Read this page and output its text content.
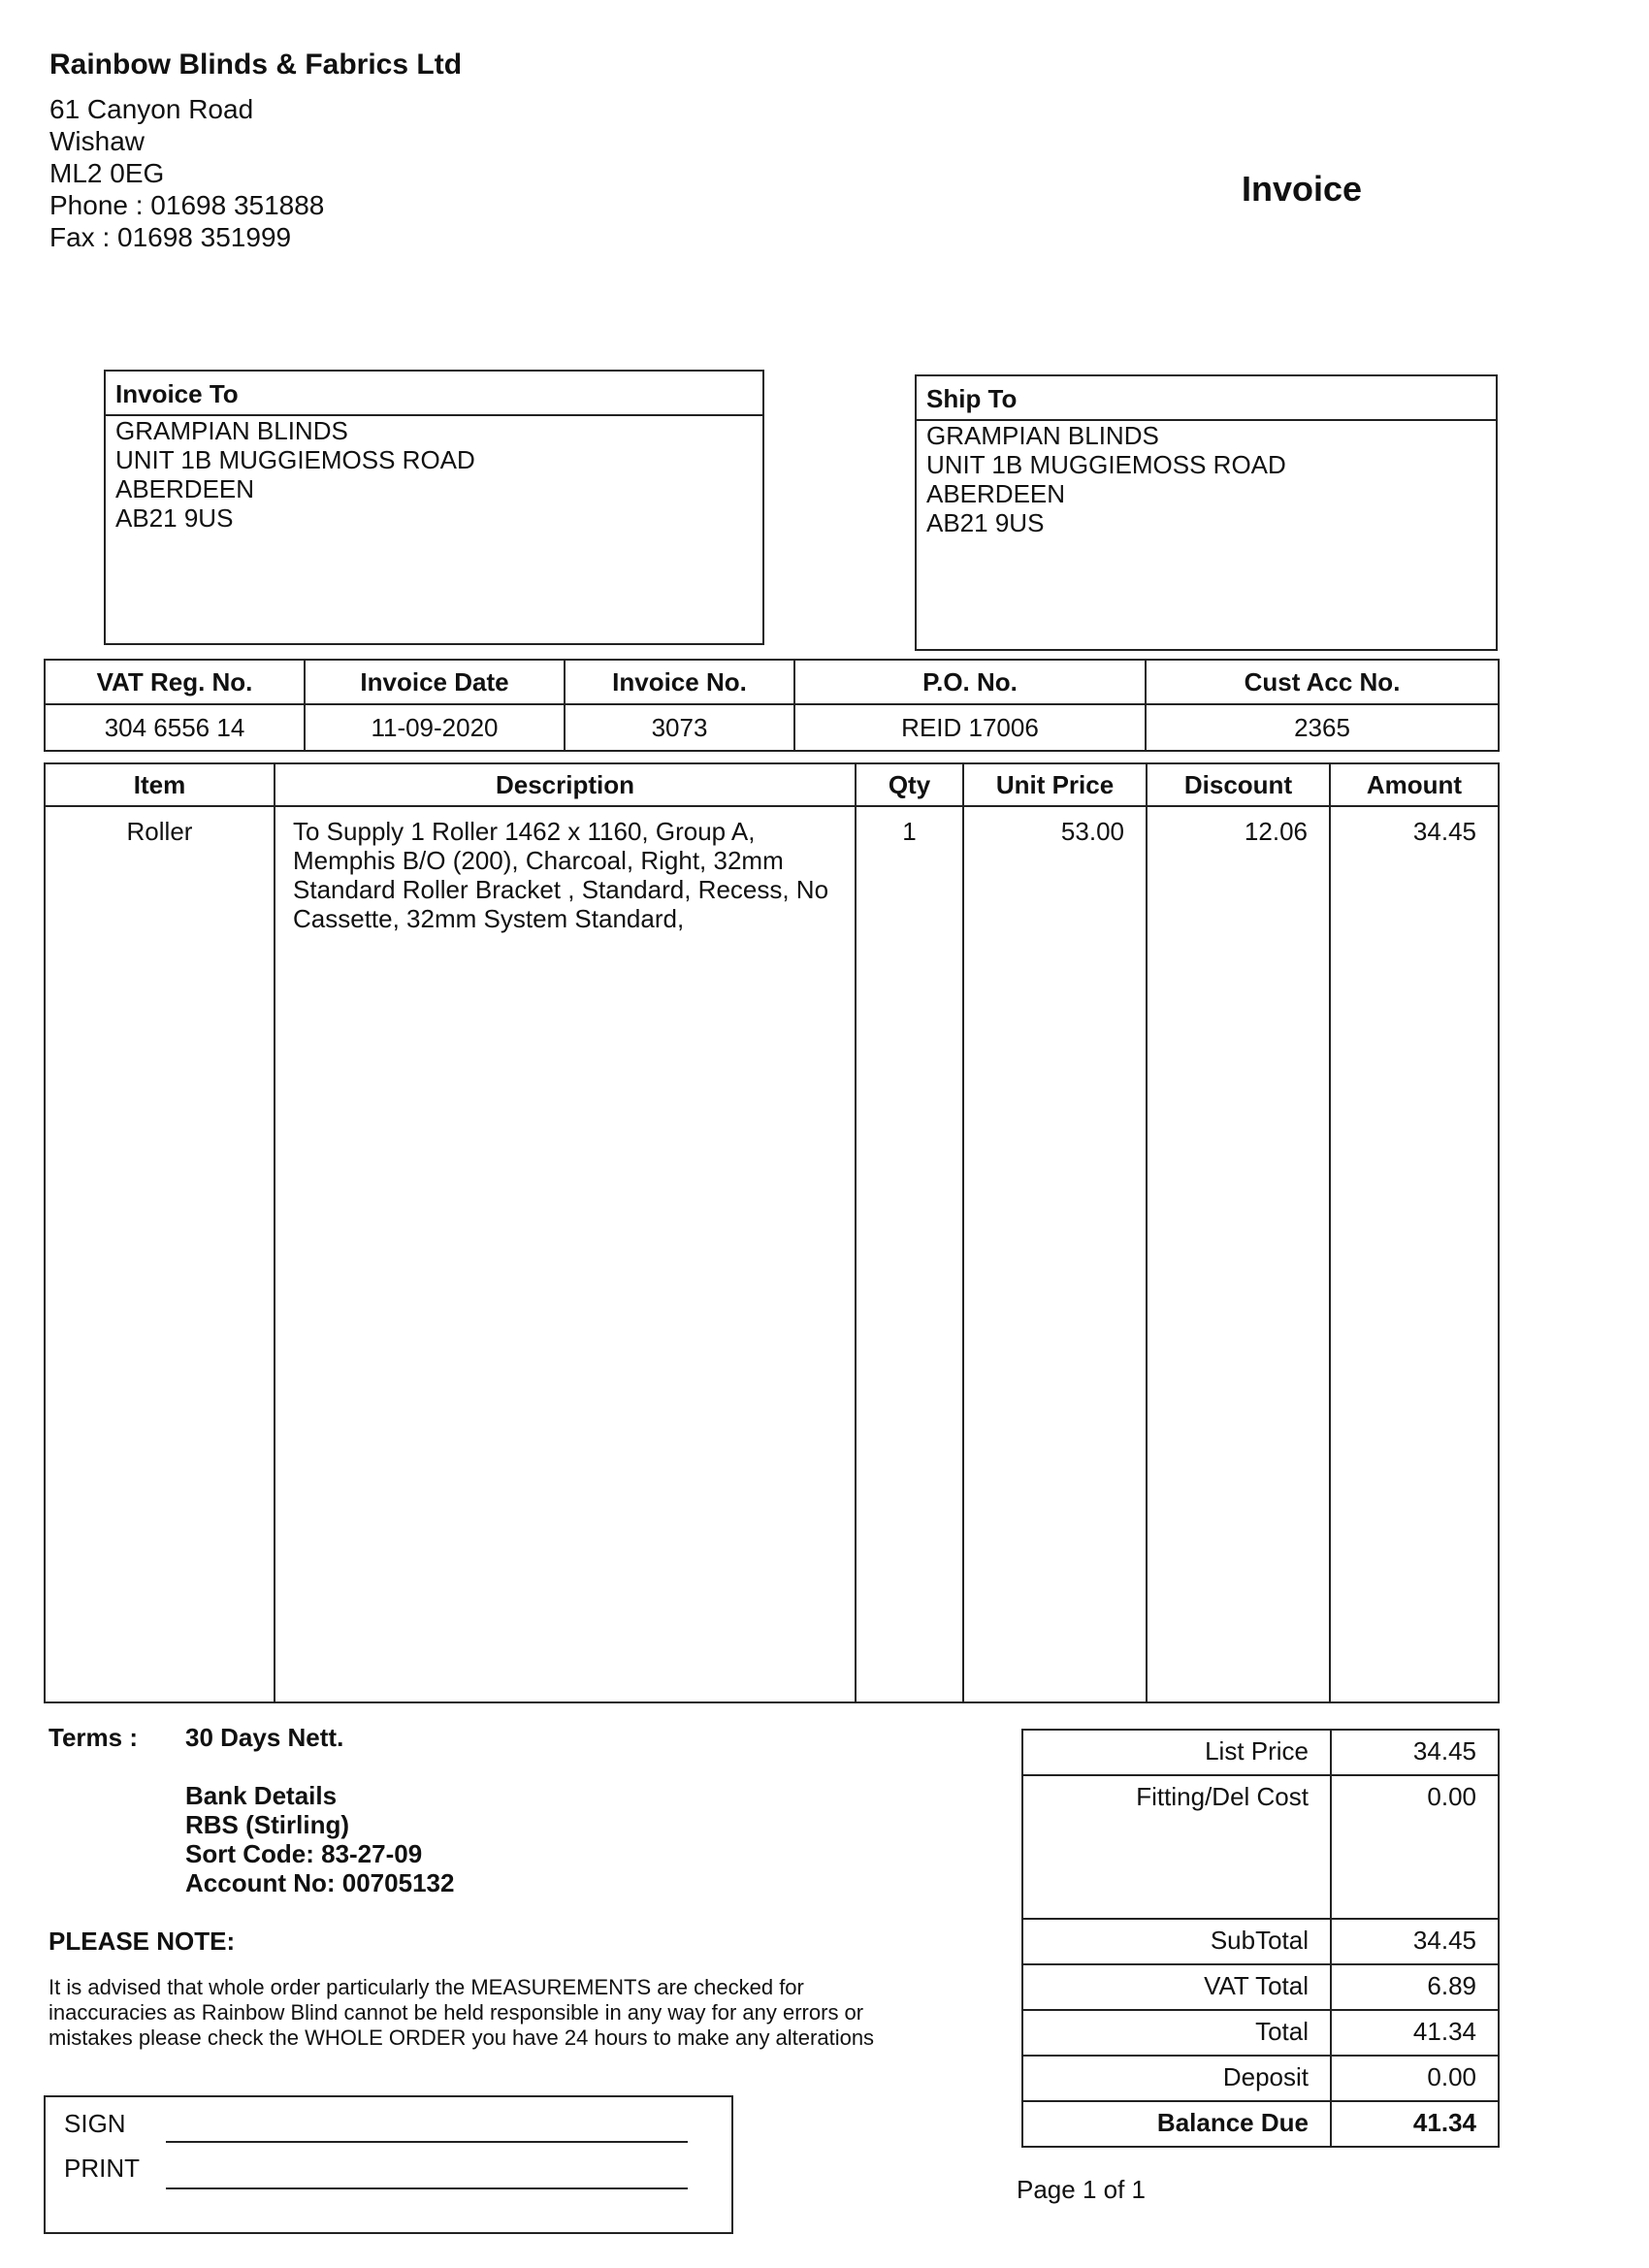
Rainbow Blinds & Fabrics Ltd
61 Canyon Road
Wishaw
ML2 0EG
Phone : 01698 351888
Fax : 01698 351999
Invoice
Invoice To
GRAMPIAN BLINDS
UNIT 1B MUGGIEMOSS ROAD
ABERDEEN
AB21 9US
Ship To
GRAMPIAN BLINDS
UNIT 1B MUGGIEMOSS ROAD
ABERDEEN
AB21 9US
VAT Reg. No.	Invoice Date	Invoice No.	P.O. No.	Cust Acc No.
304 6556 14	11-09-2020	3073	REID 17006	2365
Item	Description	Qty	Unit Price	Discount	Amount
Roller	To Supply 1 Roller 1462 x 1160, Group A,
Memphis B/O (200), Charcoal, Right, 32mm
Standard Roller Bracket , Standard, Recess, No
Cassette, 32mm System Standard,	1	53.00	12.06	34.45
Terms : 30 Days Nett.
Bank Details
RBS (Stirling)
Sort Code: 83-27-09
Account No: 00705132
PLEASE NOTE:
It is advised that whole order particularly the MEASUREMENTS are checked for
inaccuracies as Rainbow Blind cannot be held responsible in any way for any errors or
mistakes please check the WHOLE ORDER you have 24 hours to make any alterations
SIGN
PRINT
List Price	34.45
Fitting/Del Cost	0.00
SubTotal	34.45
VAT Total	6.89
Total	41.34
Deposit	0.00
Balance Due	41.34
Page 1 of 1
